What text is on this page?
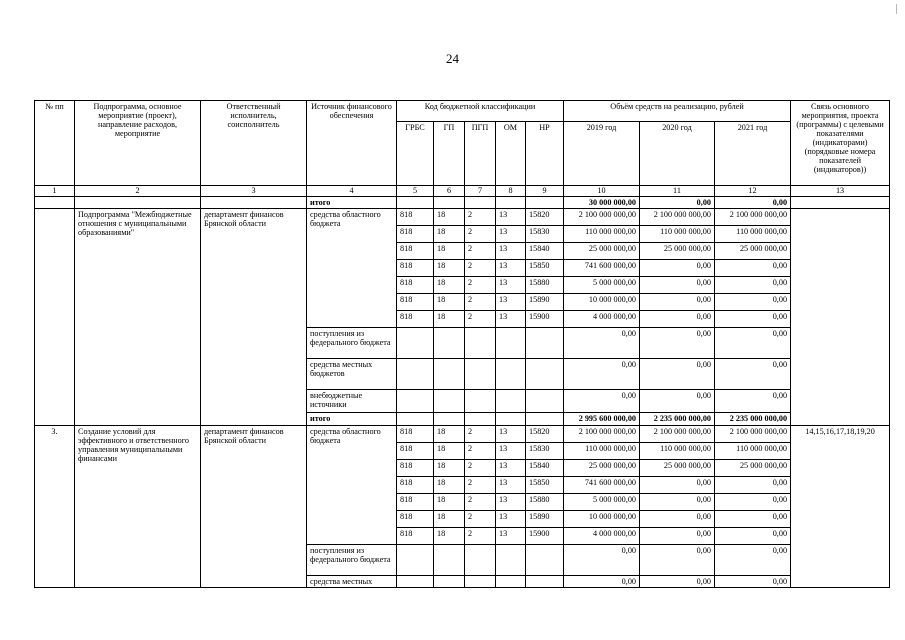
24
№ пп	Подпрограмма, основное мероприятие (проект), направление расходов, мероприятие	Ответственный исполнитель, соисполнитель	Источник финансового обеспечения	Код бюджетной классификации					Объём средств на реализацию, рублей			Связь основного мероприятия, проекта (программы) с целевыми показателями (индикаторами) (порядковые номера показателей (индикаторов))
				ГРБС	ГП	ПГП	ОМ	НР	2019 год	2020 год	2021 год	
1	2	3	4	5	6	7	8	9	10	11	12	13
			итого						30 000 000,00	0,00	0,00	
	Подпрограмма "Межбюджетные отношения с муниципальными образованиями"	департамент финансов Брянской области	средства областного бюджета	818	18	2	13	15820	2 100 000 000,00	2 100 000 000,00	2 100 000 000,00	
				818	18	2	13	15830	110 000 000,00	110 000 000,00	110 000 000,00	
				818	18	2	13	15840	25 000 000,00	25 000 000,00	25 000 000,00	
				818	18	2	13	15850	741 600 000,00	0,00	0,00	
				818	18	2	13	15880	5 000 000,00	0,00	0,00	
				818	18	2	13	15890	10 000 000,00	0,00	0,00	
				818	18	2	13	15900	4 000 000,00	0,00	0,00	
			поступления из федерального бюджета						0,00	0,00	0,00	
			средства местных бюджетов						0,00	0,00	0,00	
			внебюджетные источники						0,00	0,00	0,00	
			итого						2 995 600 000,00	2 235 000 000,00	2 235 000 000,00	
3.	Создание условий для эффективного и ответственного управления муниципальными финансами	департамент финансов Брянской области	средства областного бюджета	818	18	2	13	15820	2 100 000 000,00	2 100 000 000,00	2 100 000 000,00	14,15,16,17,18,19,20
				818	18	2	13	15830	110 000 000,00	110 000 000,00	110 000 000,00	
				818	18	2	13	15840	25 000 000,00	25 000 000,00	25 000 000,00	
				818	18	2	13	15850	741 600 000,00	0,00	0,00	
				818	18	2	13	15880	5 000 000,00	0,00	0,00	
				818	18	2	13	15890	10 000 000,00	0,00	0,00	
				818	18	2	13	15900	4 000 000,00	0,00	0,00	
			поступления из федерального бюджета						0,00	0,00	0,00	
			средства местных						0,00	0,00	0,00	
